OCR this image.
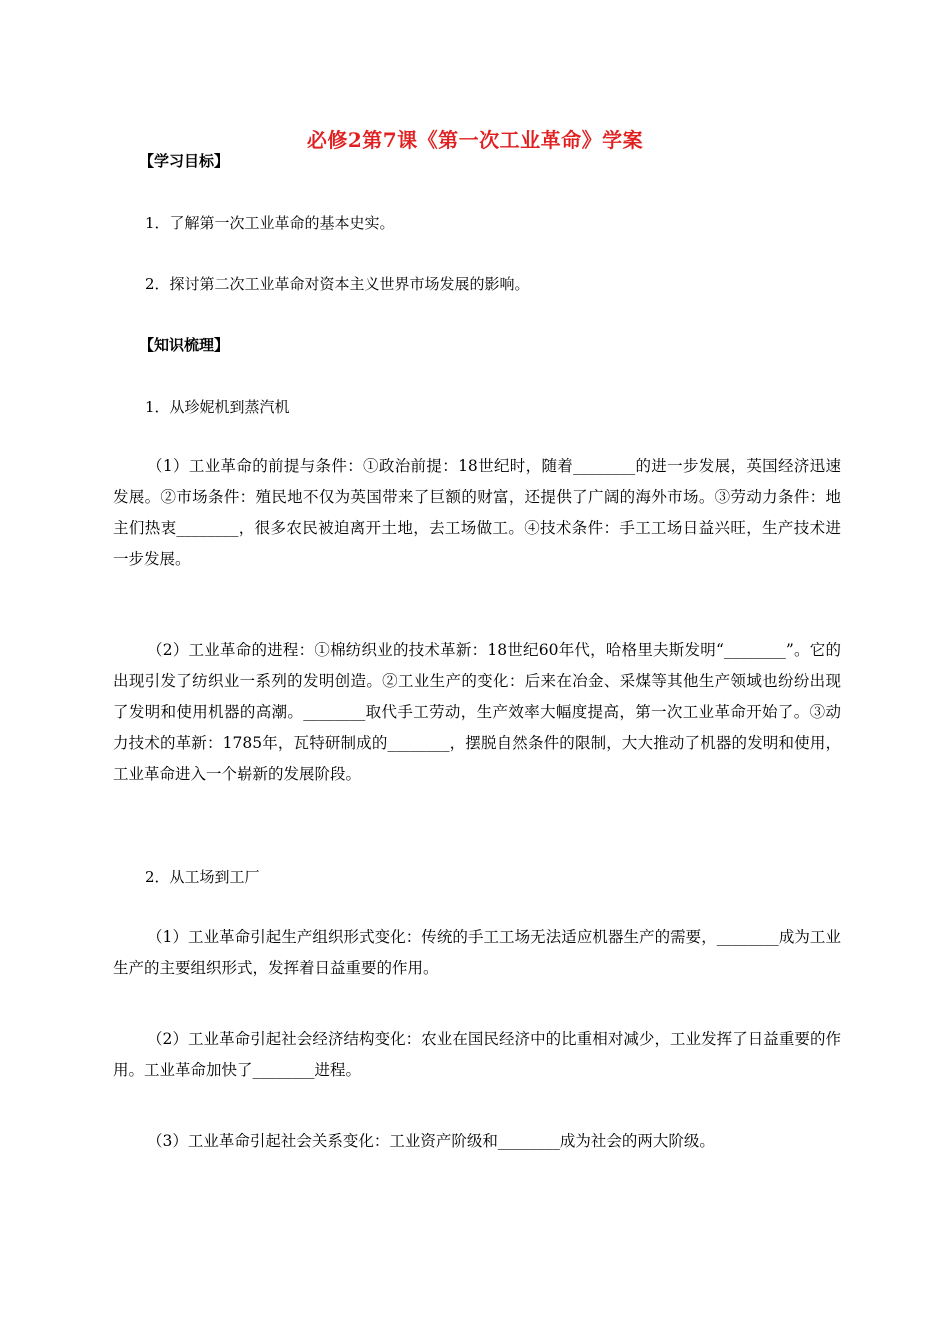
必修2第7课《第一次工业革命》学案
【学习目标】
1．了解第一次工业革命的基本史实。
2．探讨第二次工业革命对资本主义世界市场发展的影响。
【知识梳理】
1．从珍妮机到蒸汽机
（1）工业革命的前提与条件：①政治前提：18世纪时，随着________的进一步发展，英国经济迅速发展。②市场条件：殖民地不仅为英国带来了巨额的财富，还提供了广阔的海外市场。③劳动力条件：地主们热衷________，很多农民被迫离开土地，去工场做工。④技术条件：手工工场日益兴旺，生产技术进一步发展。
（2）工业革命的进程：①棉纺织业的技术革新：18世纪60年代，哈格里夫斯发明“________”。它的出现引发了纺织业一系列的发明创造。②工业生产的变化：后来在冶金、采煤等其他生产领域也纷纷出现了发明和使用机器的高潮。________取代手工劳动，生产效率大幅度提高，第一次工业革命开始了。③动力技术的革新：1785年，瓦特研制成的________，摆脱自然条件的限制，大大推动了机器的发明和使用，工业革命进入一个崭新的发展阶段。
2．从工场到工厂
（1）工业革命引起生产组织形式变化：传统的手工工场无法适应机器生产的需要，________成为工业生产的主要组织形式，发挥着日益重要的作用。
（2）工业革命引起社会经济结构变化：农业在国民经济中的比重相对减少，工业发挥了日益重要的作用。工业革命加快了________进程。
（3）工业革命引起社会关系变化：工业资产阶级和________成为社会的两大阶级。
